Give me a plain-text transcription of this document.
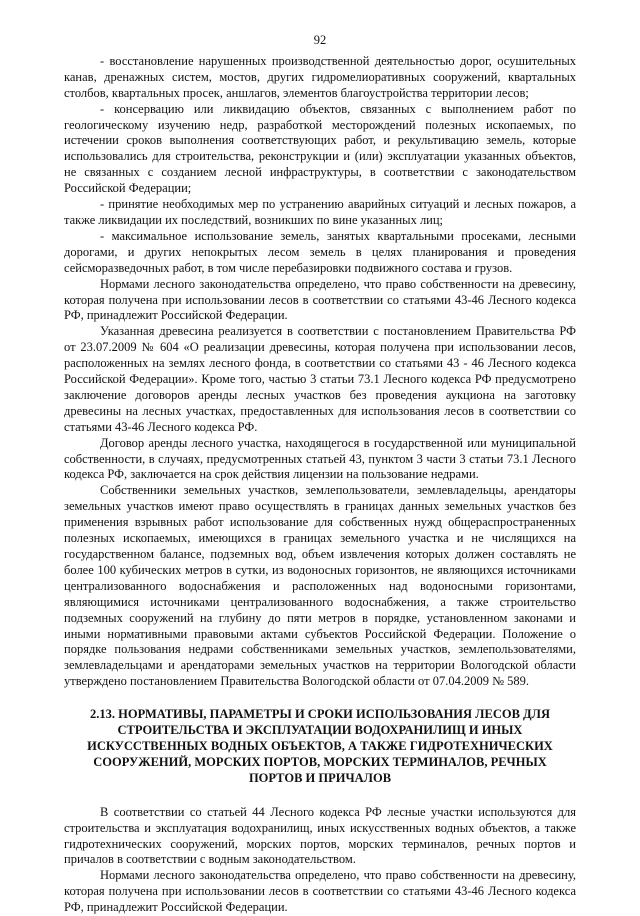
92

- восстановление нарушенных производственной деятельностью дорог, осушительных канав, дренажных систем, мостов, других гидромелиоративных сооружений, квартальных столбов, квартальных просек, аншлагов, элементов благоустройства территории лесов;

- консервацию или ликвидацию объектов, связанных с выполнением работ по геологическому изучению недр, разработкой месторождений полезных ископаемых, по истечении сроков выполнения соответствующих работ, и рекультивацию земель, которые использовались для строительства, реконструкции и (или) эксплуатации указанных объектов, не связанных с созданием лесной инфраструктуры, в соответствии с законодательством Российской Федерации;

- принятие необходимых мер по устранению аварийных ситуаций и лесных пожаров, а также ликвидации их последствий, возникших по вине указанных лиц;

- максимальное использование земель, занятых квартальными просеками, лесными дорогами, и других непокрытых лесом земель в целях планирования и проведения сейсморазведочных работ, в том числе перебазировки подвижного состава и грузов.

Нормами лесного законодательства определено, что право собственности на древесину, которая получена при использовании лесов в соответствии со статьями 43-46 Лесного кодекса РФ, принадлежит Российской Федерации.

Указанная древесина реализуется в соответствии с постановлением Правительства РФ от 23.07.2009 № 604 «О реализации древесины, которая получена при использовании лесов, расположенных на землях лесного фонда, в соответствии со статьями 43 - 46 Лесного кодекса Российской Федерации». Кроме того, частью 3 статьи 73.1 Лесного кодекса РФ предусмотрено заключение договоров аренды лесных участков без проведения аукциона на заготовку древесины на лесных участках, предоставленных для использования лесов в соответствии со статьями 43-46 Лесного кодекса РФ.

Договор аренды лесного участка, находящегося в государственной или муниципальной собственности, в случаях, предусмотренных статьей 43, пунктом 3 части 3 статьи 73.1 Лесного кодекса РФ, заключается на срок действия лицензии на пользование недрами.

Собственники земельных участков, землепользователи, землевладельцы, арендаторы земельных участков имеют право осуществлять в границах данных земельных участков без применения взрывных работ использование для собственных нужд общераспространенных полезных ископаемых, имеющихся в границах земельного участка и не числящихся на государственном балансе, подземных вод, объем извлечения которых должен составлять не более 100 кубических метров в сутки, из водоносных горизонтов, не являющихся источниками централизованного водоснабжения и расположенных над водоносными горизонтами, являющимися источниками централизованного водоснабжения, а также строительство подземных сооружений на глубину до пяти метров в порядке, установленном законами и иными нормативными правовыми актами субъектов Российской Федерации. Положение о порядке пользования недрами собственниками земельных участков, землепользователями, землевладельцами и арендаторами земельных участков на территории Вологодской области утверждено постановлением Правительства Вологодской области от 07.04.2009 № 589.

2.13. НОРМАТИВЫ, ПАРАМЕТРЫ И СРОКИ ИСПОЛЬЗОВАНИЯ ЛЕСОВ ДЛЯ СТРОИТЕЛЬСТВА И ЭКСПЛУАТАЦИИ ВОДОХРАНИЛИЩ И ИНЫХ ИСКУССТВЕННЫХ ВОДНЫХ ОБЪЕКТОВ, А ТАКЖЕ ГИДРОТЕХНИЧЕСКИХ СООРУЖЕНИЙ, МОРСКИХ ПОРТОВ, МОРСКИХ ТЕРМИНАЛОВ, РЕЧНЫХ ПОРТОВ И ПРИЧАЛОВ

В соответствии со статьей 44 Лесного кодекса РФ лесные участки используются для строительства и эксплуатация водохранилищ, иных искусственных водных объектов, а также гидротехнических сооружений, морских портов, морских терминалов, речных портов и причалов в соответствии с водным законодательством.

Нормами лесного законодательства определено, что право собственности на древесину, которая получена при использовании лесов в соответствии со статьями 43-46 Лесного кодекса РФ, принадлежит Российской Федерации.
